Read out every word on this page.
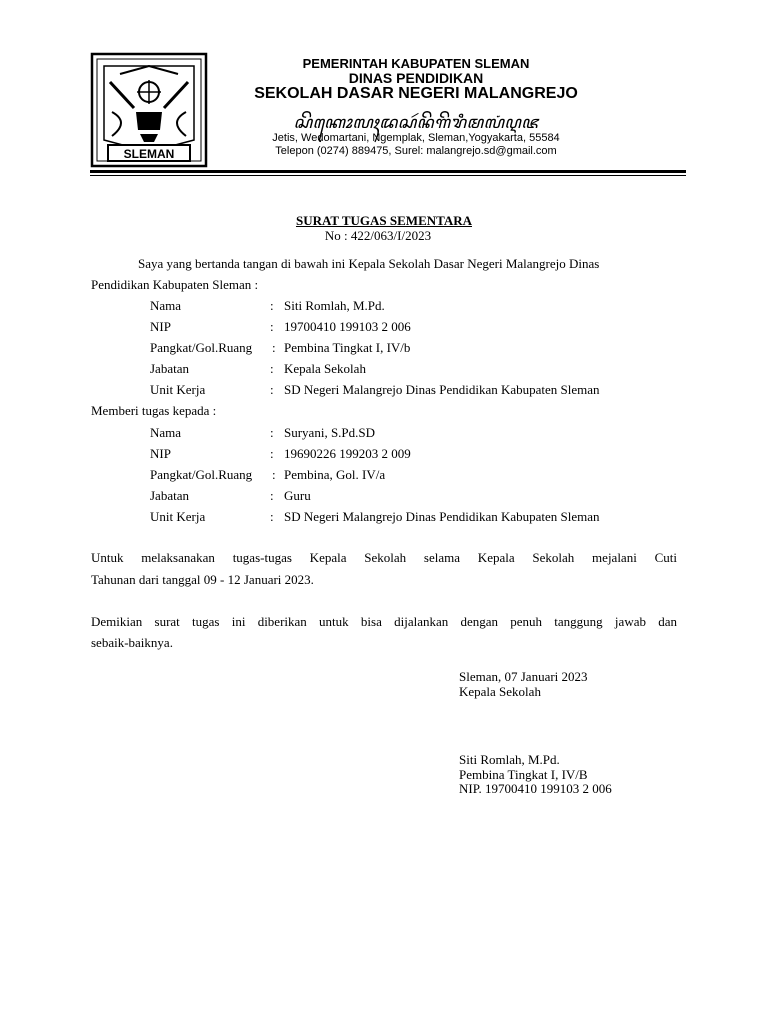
SLEMAN
PEMERINTAH KABUPATEN SLEMAN
DINAS PENDIDIKAN
SEKOLAH DASAR NEGERI MALANGREJO
ꦱꦼꦏꦺꦴꦭꦃꦢꦱꦂꦤꦼꦒꦼꦫꦶꦩꦭꦁꦉꦗ
Jetis, Wedomartani, Ngemplak, Sleman,Yogyakarta, 55584
Telepon (0274) 889475, Surel: malangrejo.sd@gmail.com
SURAT TUGAS SEMENTARA
No : 422/063/I/2023
Saya yang bertanda tangan di bawah ini Kepala Sekolah Dasar Negeri Malangrejo Dinas
Pendidikan Kabupaten Sleman :
Nama	: Siti Romlah, M.Pd.
NIP	: 19700410 199103 2 006
Pangkat/Gol.Ruang : Pembina Tingkat I, IV/b
Jabatan	: Kepala Sekolah
Unit Kerja	: SD Negeri Malangrejo Dinas Pendidikan Kabupaten Sleman
Memberi tugas kepada :
Nama	: Suryani, S.Pd.SD
NIP	: 19690226 199203 2 009
Pangkat/Gol.Ruang : Pembina, Gol. IV/a
Jabatan	: Guru
Unit Kerja	: SD Negeri Malangrejo Dinas Pendidikan Kabupaten Sleman
Untuk melaksanakan tugas-tugas Kepala Sekolah selama Kepala Sekolah mejalani Cuti
Tahunan dari tanggal 09 - 12 Januari 2023.
Demikian surat tugas ini diberikan untuk bisa dijalankan dengan penuh tanggung jawab dan
sebaik-baiknya.
Sleman, 07 Januari 2023
Kepala Sekolah
Siti Romlah, M.Pd.
Pembina Tingkat I, IV/B
NIP. 19700410 199103 2 006
